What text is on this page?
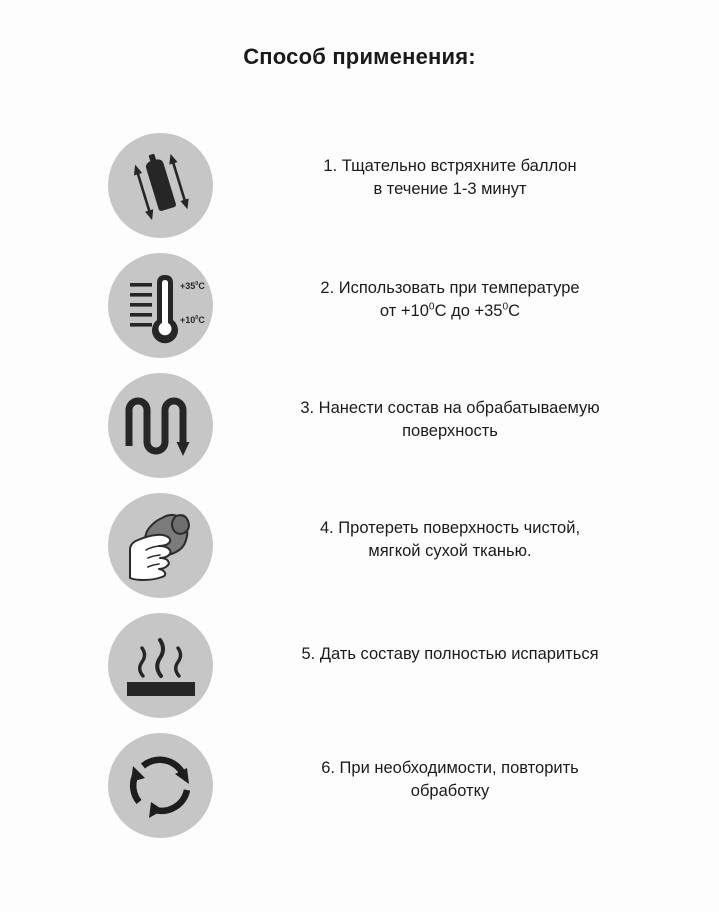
Способ применения:
1. Тщательно встряхните баллон
в течение 1-3 минут
$+35^0C$
$+10^0C$
2. Использовать при температуре
от $+10^0C$ до $+35^0C$
3. Нанести состав на обрабатываемую
поверхность
4. Протереть поверхность чистой,
мягкой сухой тканью.
5. Дать составу полностью испариться
6. При необходимости, повторить
обработку
